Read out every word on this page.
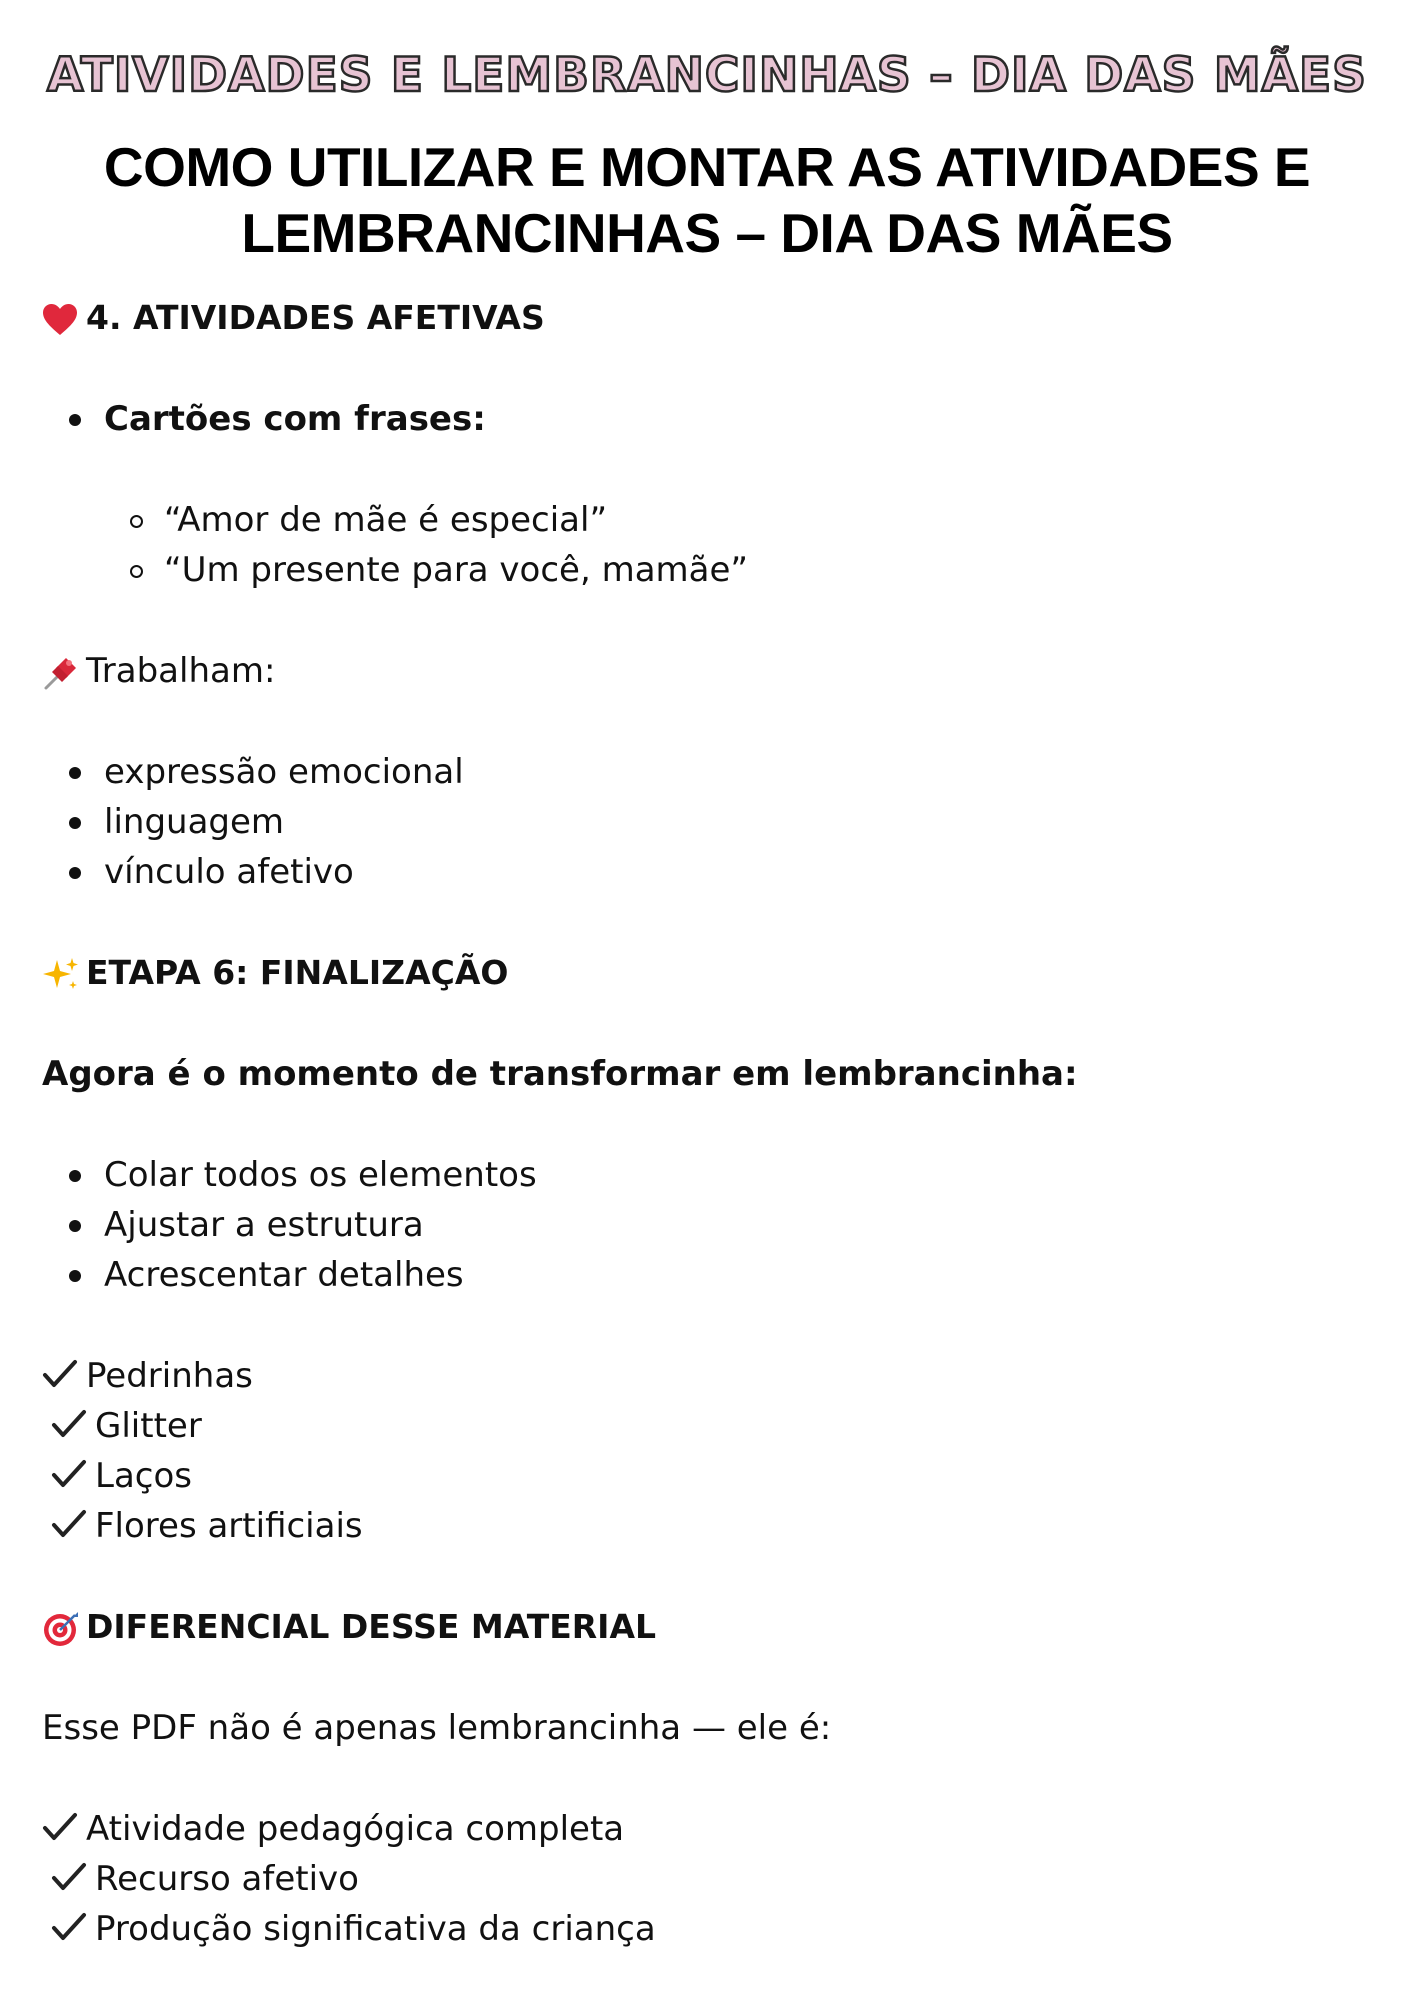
ATIVIDADES E LEMBRANCINHAS – DIA DAS MÃES
COMO UTILIZAR E MONTAR AS ATIVIDADES E
LEMBRANCINHAS – DIA DAS MÃES
4. ATIVIDADES AFETIVAS
Cartões com frases:
“Amor de mãe é especial”
“Um presente para você, mamãe”
Trabalham:
expressão emocional
linguagem
vínculo afetivo
ETAPA 6: FINALIZAÇÃO
Agora é o momento de transformar em lembrancinha:
Colar todos os elementos
Ajustar a estrutura
Acrescentar detalhes
Pedrinhas
Glitter
Laços
Flores artificiais
DIFERENCIAL DESSE MATERIAL
Esse PDF não é apenas lembrancinha — ele é:
Atividade pedagógica completa
Recurso afetivo
Produção significativa da criança
